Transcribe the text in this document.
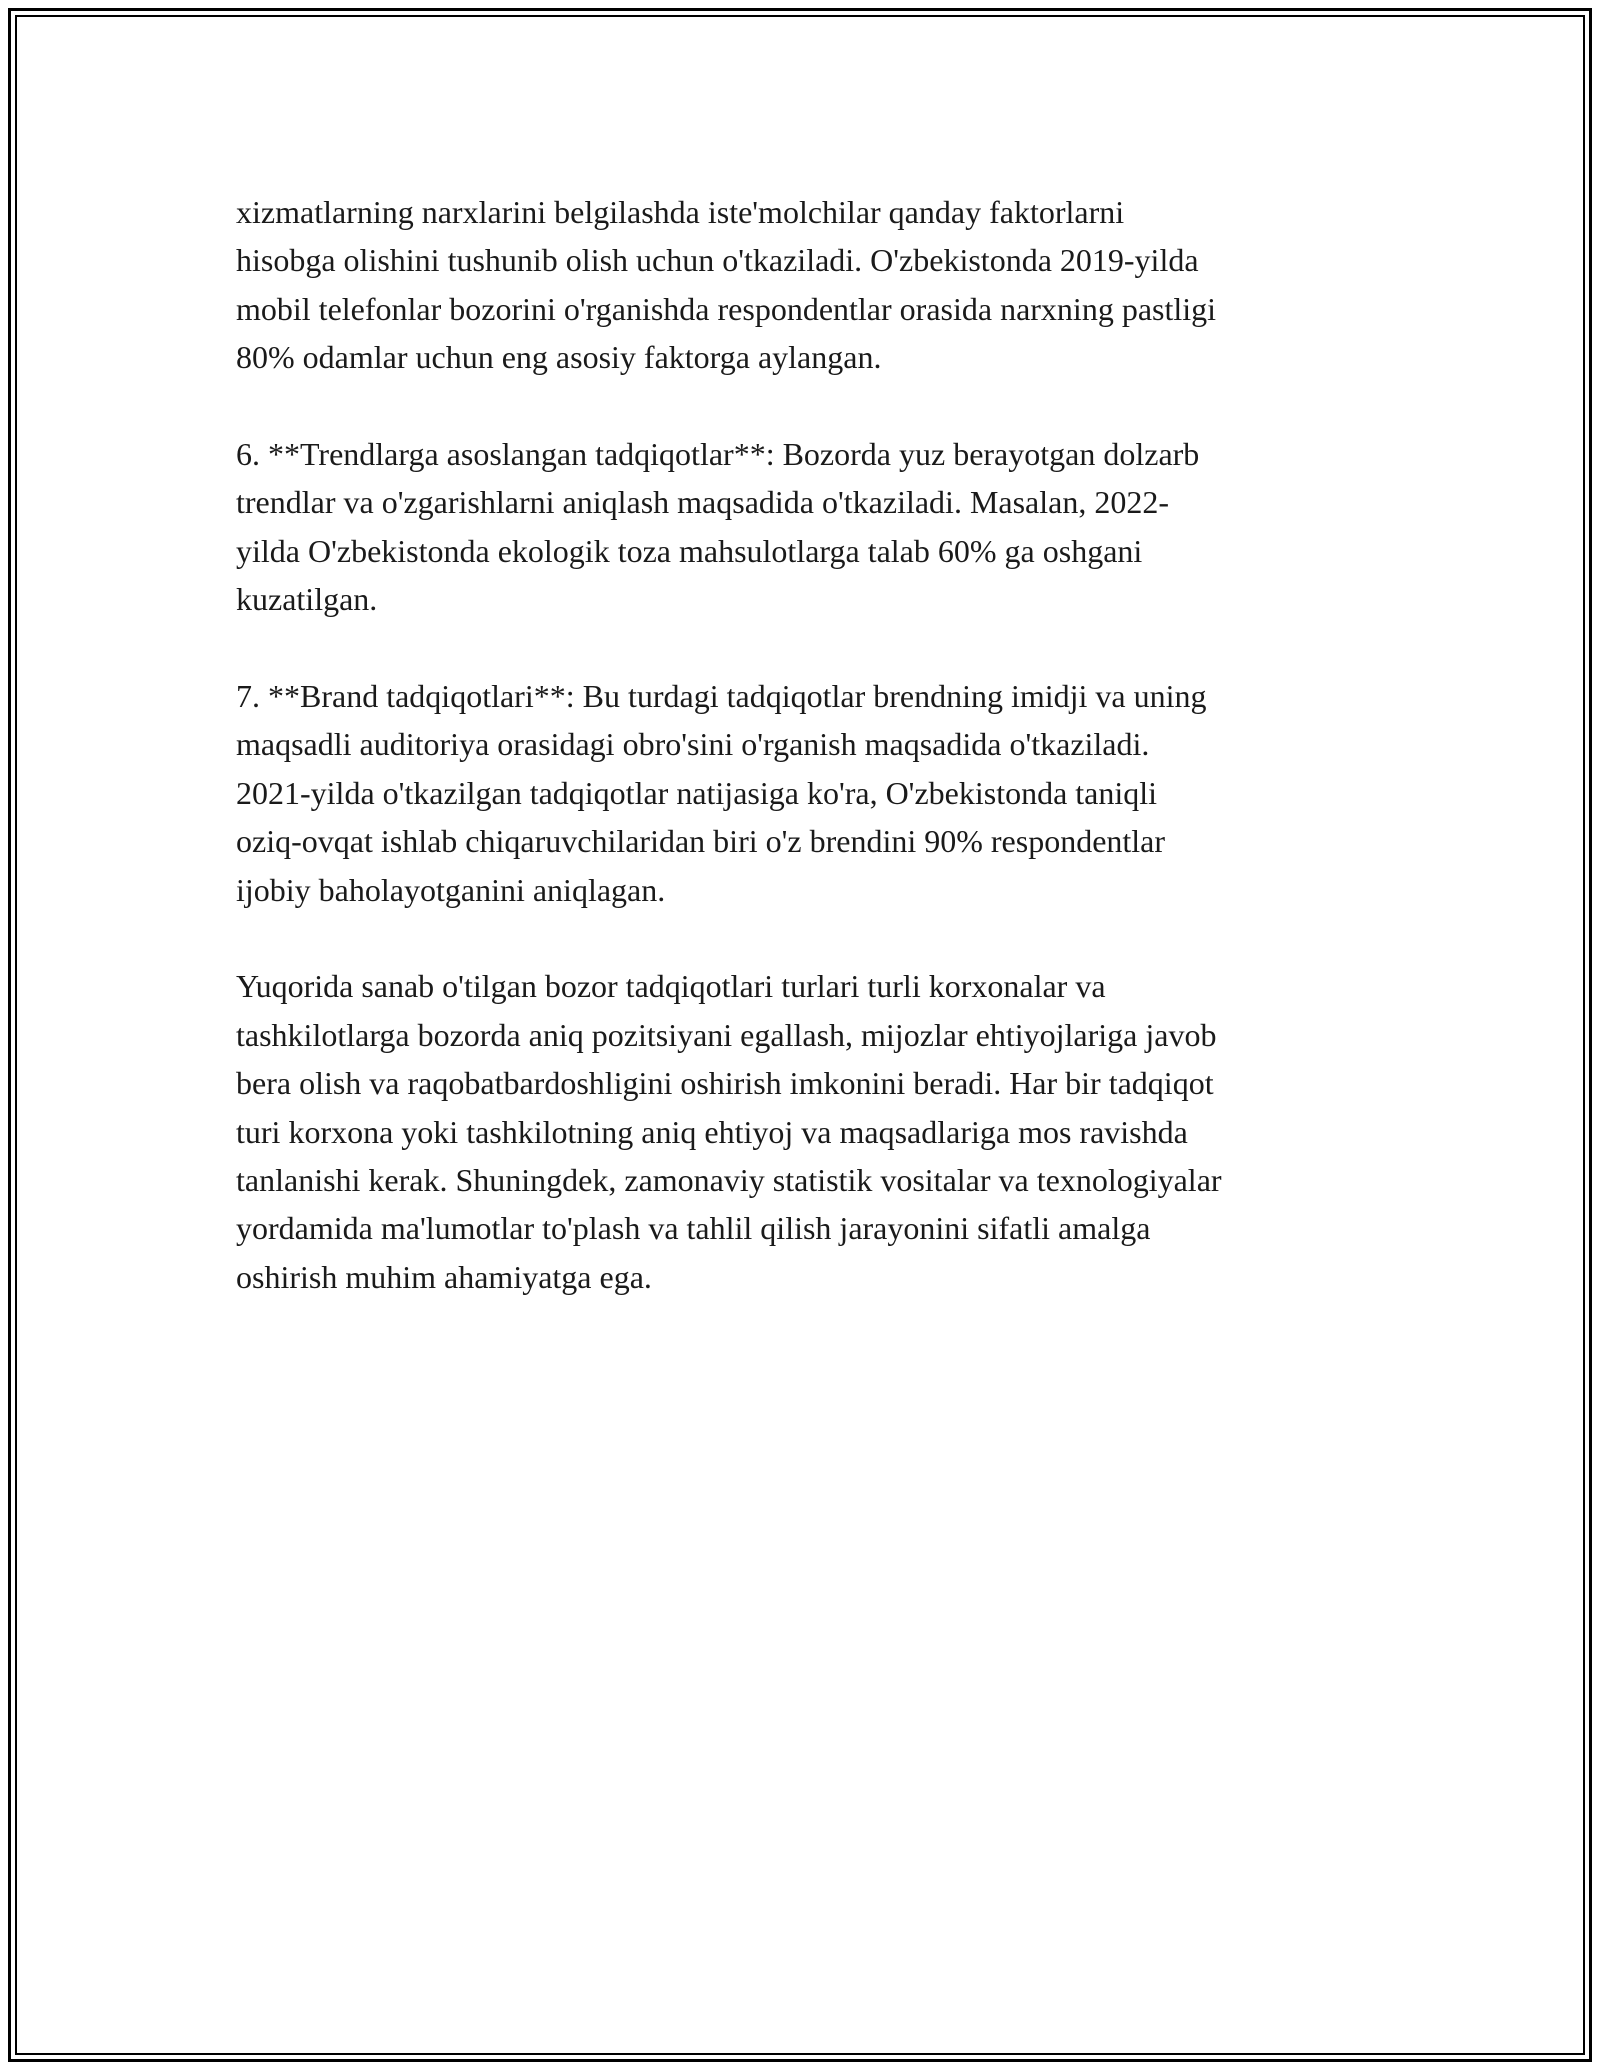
xizmatlarning narxlarini belgilashda iste'molchilar qanday faktorlarni
hisobga olishini tushunib olish uchun o'tkaziladi. O'zbekistonda 2019-yilda
mobil telefonlar bozorini o'rganishda respondentlar orasida narxning pastligi
80% odamlar uchun eng asosiy faktorga aylangan.

6. **Trendlarga asoslangan tadqiqotlar**: Bozorda yuz berayotgan dolzarb
trendlar va o'zgarishlarni aniqlash maqsadida o'tkaziladi. Masalan, 2022-
yilda O'zbekistonda ekologik toza mahsulotlarga talab 60% ga oshgani
kuzatilgan.

7. **Brand tadqiqotlari**: Bu turdagi tadqiqotlar brendning imidji va uning
maqsadli auditoriya orasidagi obro'sini o'rganish maqsadida o'tkaziladi.
2021-yilda o'tkazilgan tadqiqotlar natijasiga ko'ra, O'zbekistonda taniqli
oziq-ovqat ishlab chiqaruvchilaridan biri o'z brendini 90% respondentlar
ijobiy baholayotganini aniqlagan.

Yuqorida sanab o'tilgan bozor tadqiqotlari turlari turli korxonalar va
tashkilotlarga bozorda aniq pozitsiyani egallash, mijozlar ehtiyojlariga javob
bera olish va raqobatbardoshligini oshirish imkonini beradi. Har bir tadqiqot
turi korxona yoki tashkilotning aniq ehtiyoj va maqsadlariga mos ravishda
tanlanishi kerak. Shuningdek, zamonaviy statistik vositalar va texnologiyalar
yordamida ma'lumotlar to'plash va tahlil qilish jarayonini sifatli amalga
oshirish muhim ahamiyatga ega.
